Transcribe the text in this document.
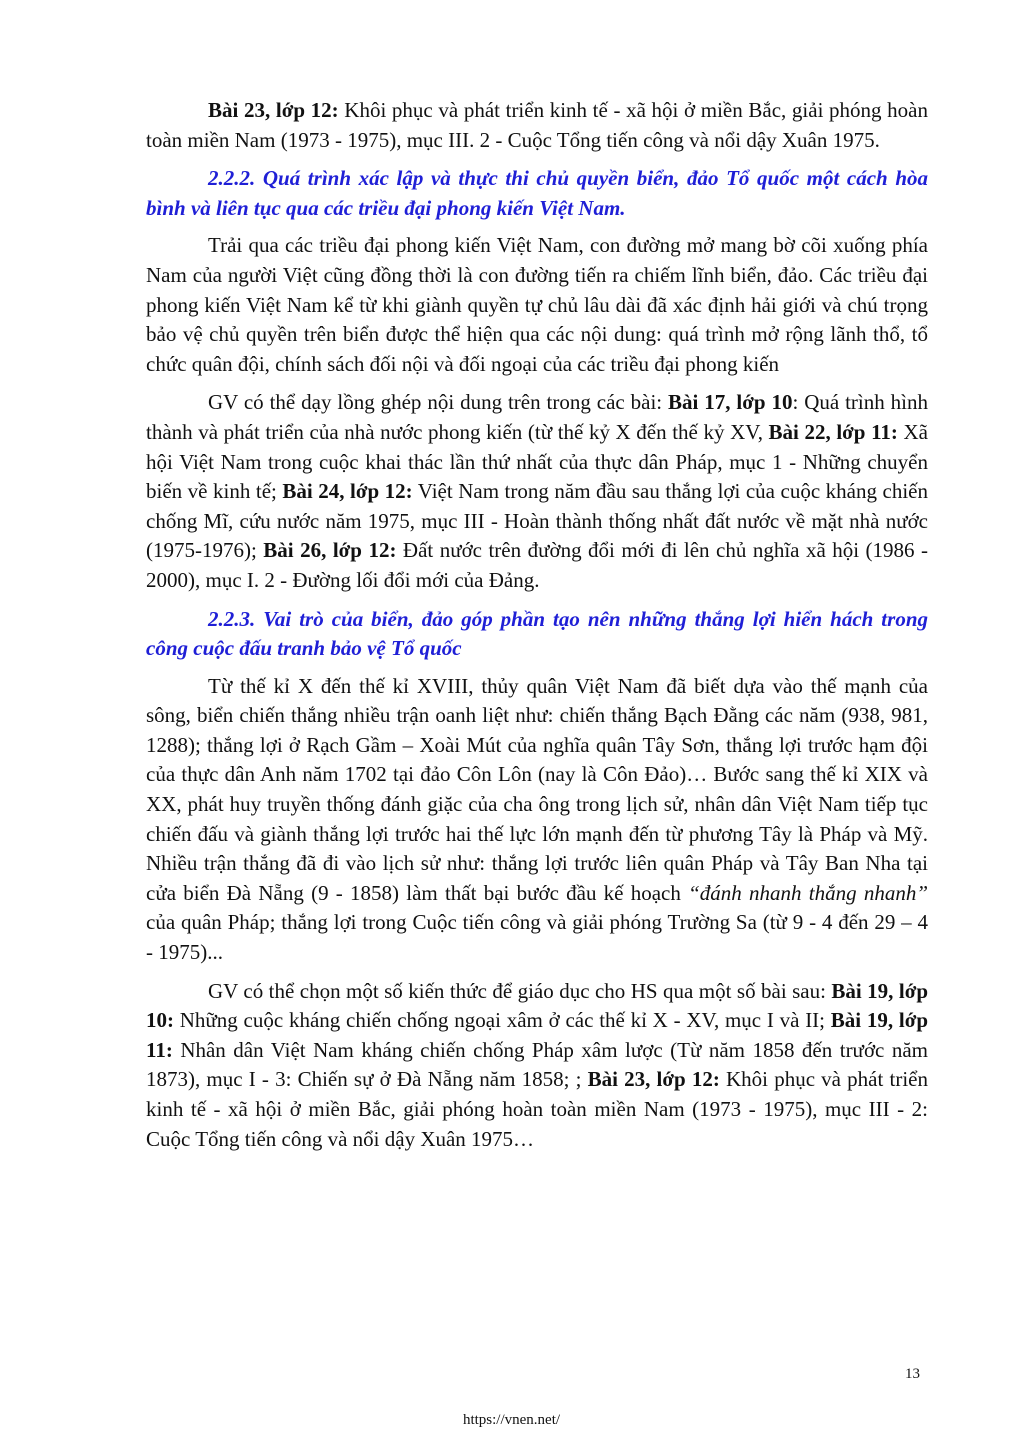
Bài 23, lớp 12: Khôi phục và phát triển kinh tế - xã hội ở miền Bắc, giải phóng hoàn toàn miền Nam (1973 - 1975), mục III. 2 - Cuộc Tổng tiến công và nổi dậy Xuân 1975.

2.2.2. Quá trình xác lập và thực thi chủ quyền biển, đảo Tổ quốc một cách hòa bình và liên tục qua các triều đại phong kiến Việt Nam.

Trải qua các triều đại phong kiến Việt Nam, con đường mở mang bờ cõi xuống phía Nam của người Việt cũng đồng thời là con đường tiến ra chiếm lĩnh biển, đảo. Các triều đại phong kiến Việt Nam kể từ khi giành quyền tự chủ lâu dài đã xác định hải giới và chú trọng bảo vệ chủ quyền trên biển được thể hiện qua các nội dung: quá trình mở rộng lãnh thổ, tổ chức quân đội, chính sách đối nội và đối ngoại của các triều đại phong kiến

GV có thể dạy lồng ghép nội dung trên trong các bài: Bài 17, lớp 10: Quá trình hình thành và phát triển của nhà nước phong kiến (từ thế kỷ X đến thế kỷ XV, Bài 22, lớp 11: Xã hội Việt Nam trong cuộc khai thác lần thứ nhất của thực dân Pháp, mục 1 - Những chuyển biến về kinh tế; Bài 24, lớp 12: Việt Nam trong năm đầu sau thắng lợi của cuộc kháng chiến chống Mĩ, cứu nước năm 1975, mục III - Hoàn thành thống nhất đất nước về mặt nhà nước (1975-1976); Bài 26, lớp 12: Đất nước trên đường đổi mới đi lên chủ nghĩa xã hội (1986 - 2000), mục I. 2 - Đường lối đổi mới của Đảng.

2.2.3. Vai trò của biển, đảo góp phần tạo nên những thắng lợi hiển hách trong công cuộc đấu tranh bảo vệ Tổ quốc

Từ thế kỉ X đến thế kỉ XVIII, thủy quân Việt Nam đã biết dựa vào thế mạnh của sông, biển chiến thắng nhiều trận oanh liệt như: chiến thắng Bạch Đằng các năm (938, 981, 1288); thắng lợi ở Rạch Gầm – Xoài Mút của nghĩa quân Tây Sơn, thắng lợi trước hạm đội của thực dân Anh năm 1702 tại đảo Côn Lôn (nay là Côn Đảo)… Bước sang thế kỉ XIX và XX, phát huy truyền thống đánh giặc của cha ông trong lịch sử, nhân dân Việt Nam tiếp tục chiến đấu và giành thắng lợi trước hai thế lực lớn mạnh đến từ phương Tây là Pháp và Mỹ. Nhiều trận thắng đã đi vào lịch sử như: thắng lợi trước liên quân Pháp và Tây Ban Nha tại cửa biển Đà Nẵng (9 - 1858) làm thất bại bước đầu kế hoạch “đánh nhanh thắng nhanh” của quân Pháp; thắng lợi trong Cuộc tiến công và giải phóng Trường Sa (từ 9 - 4 đến 29 – 4 - 1975)...

GV có thể chọn một số kiến thức để giáo dục cho HS qua một số bài sau: Bài 19, lớp 10: Những cuộc kháng chiến chống ngoại xâm ở các thế kỉ X - XV, mục I và II; Bài 19, lớp 11: Nhân dân Việt Nam kháng chiến chống Pháp xâm lược (Từ năm 1858 đến trước năm 1873), mục I - 3: Chiến sự ở Đà Nẵng năm 1858; ; Bài 23, lớp 12: Khôi phục và phát triển kinh tế - xã hội ở miền Bắc, giải phóng hoàn toàn miền Nam (1973 - 1975), mục III - 2: Cuộc Tổng tiến công và nổi dậy Xuân 1975…

13
https://vnen.net/
